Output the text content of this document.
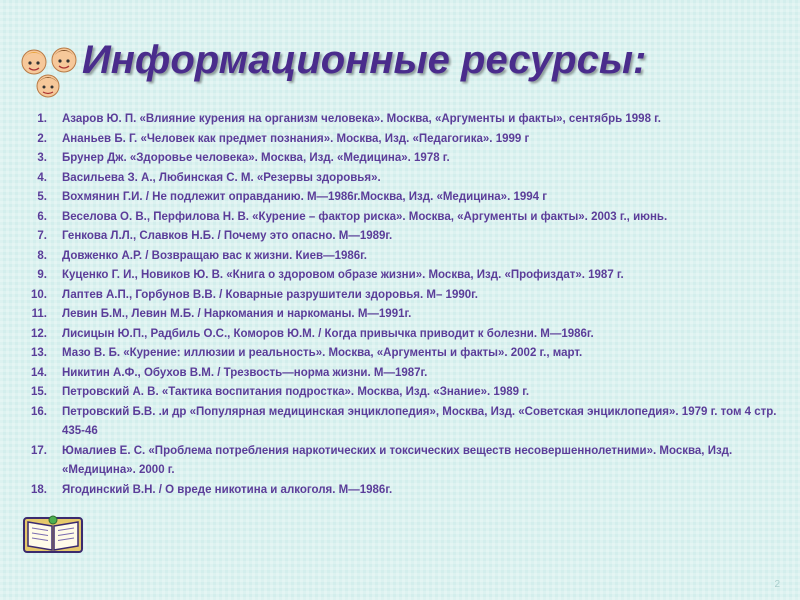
Информационные ресурсы:
1.	Азаров Ю. П. «Влияние курения на организм человека». Москва, «Аргументы и факты», сентябрь 1998 г.
2.	Ананьев Б. Г. «Человек как предмет познания». Москва, Изд. «Педагогика». 1999 г
3.	Брунер Дж. «Здоровье человека». Москва, Изд. «Медицина». 1978 г.
4.	Васильева З. А., Любинская С. М. «Резервы здоровья».
5.	Вохмянин Г.И. / Не подлежит оправданию. М—1986г.Москва, Изд. «Медицина». 1994 г
6.	Веселова О. В., Перфилова Н. В. «Курение – фактор риска». Москва, «Аргументы и факты». 2003 г., июнь.
7.	Генкова Л.Л., Славков Н.Б. / Почему это опасно. М—1989г.
8.	Довженко А.Р. / Возвращаю вас к жизни. Киев—1986г.
9.	Куценко Г. И., Новиков Ю. В. «Книга о здоровом образе жизни». Москва, Изд. «Профиздат». 1987 г.
10.	Лаптев А.П., Горбунов В.В. / Коварные разрушители здоровья. М– 1990г.
11.	Левин Б.М., Левин М.Б. / Наркомания и наркоманы. М—1991г.
12.	Лисицын Ю.П., Радбиль О.С., Коморов Ю.М. / Когда привычка приводит к болезни. М—1986г.
13.	Мазо В. Б. «Курение: иллюзии и реальность». Москва, «Аргументы и факты». 2002 г., март.
14.	Никитин А.Ф., Обухов В.М. / Трезвость—норма жизни. М—1987г.
15.	Петровский А. В. «Тактика воспитания подростка». Москва, Изд. «Знание». 1989 г.
16.	Петровский Б.В. .и др «Популярная медицинская энциклопедия», Москва, Изд. «Советская энциклопедия». 1979 г. том 4 стр. 435-46
17.	Юмалиев Е. С. «Проблема потребления наркотических и токсических веществ несовершеннолетними». Москва, Изд. «Медицина». 2000 г.
18.	Ягодинский В.Н. / О вреде никотина и алкоголя. М—1986г.
2
